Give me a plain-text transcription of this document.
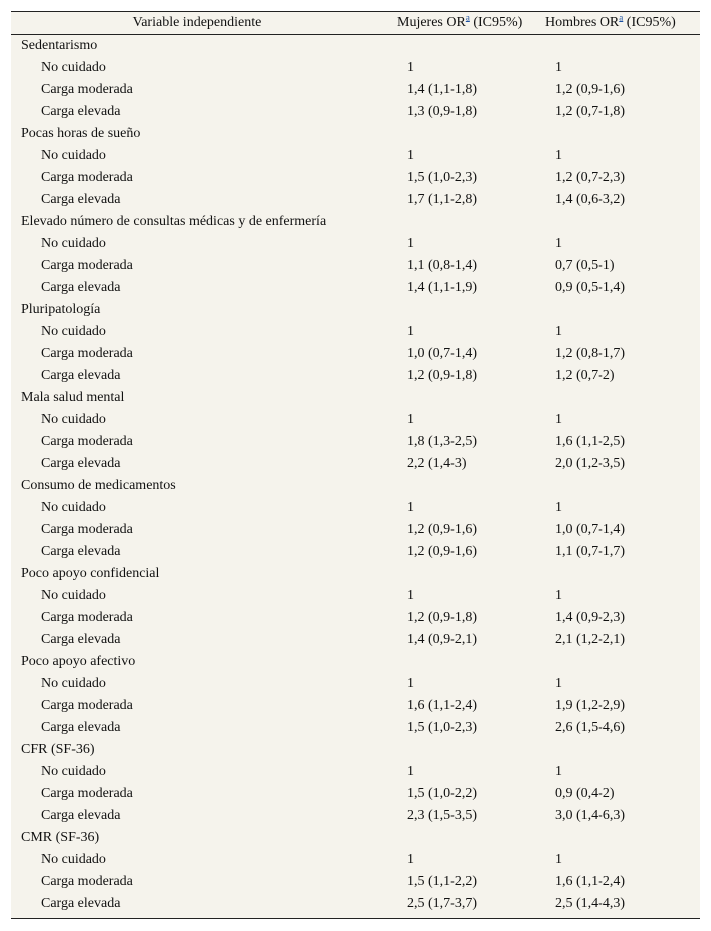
Variable independiente	Mujeres $OR^a$ (IC95%)	Hombres $OR^a$ (IC95%)
Sedentarismo		
No cuidado	1	1
Carga moderada	1,4 (1,1-1,8)	1,2 (0,9-1,6)
Carga elevada	1,3 (0,9-1,8)	1,2 (0,7-1,8)
Pocas horas de sueño		
No cuidado	1	1
Carga moderada	1,5 (1,0-2,3)	1,2 (0,7-2,3)
Carga elevada	1,7 (1,1-2,8)	1,4 (0,6-3,2)
Elevado número de consultas médicas y de enfermería		
No cuidado	1	1
Carga moderada	1,1 (0,8-1,4)	0,7 (0,5-1)
Carga elevada	1,4 (1,1-1,9)	0,9 (0,5-1,4)
Pluripatología		
No cuidado	1	1
Carga moderada	1,0 (0,7-1,4)	1,2 (0,8-1,7)
Carga elevada	1,2 (0,9-1,8)	1,2 (0,7-2)
Mala salud mental		
No cuidado	1	1
Carga moderada	1,8 (1,3-2,5)	1,6 (1,1-2,5)
Carga elevada	2,2 (1,4-3)	2,0 (1,2-3,5)
Consumo de medicamentos		
No cuidado	1	1
Carga moderada	1,2 (0,9-1,6)	1,0 (0,7-1,4)
Carga elevada	1,2 (0,9-1,6)	1,1 (0,7-1,7)
Poco apoyo confidencial		
No cuidado	1	1
Carga moderada	1,2 (0,9-1,8)	1,4 (0,9-2,3)
Carga elevada	1,4 (0,9-2,1)	2,1 (1,2-2,1)
Poco apoyo afectivo		
No cuidado	1	1
Carga moderada	1,6 (1,1-2,4)	1,9 (1,2-2,9)
Carga elevada	1,5 (1,0-2,3)	2,6 (1,5-4,6)
CFR (SF-36)		
No cuidado	1	1
Carga moderada	1,5 (1,0-2,2)	0,9 (0,4-2)
Carga elevada	2,3 (1,5-3,5)	3,0 (1,4-6,3)
CMR (SF-36)		
No cuidado	1	1
Carga moderada	1,5 (1,1-2,2)	1,6 (1,1-2,4)
Carga elevada	2,5 (1,7-3,7)	2,5 (1,4-4,3)
